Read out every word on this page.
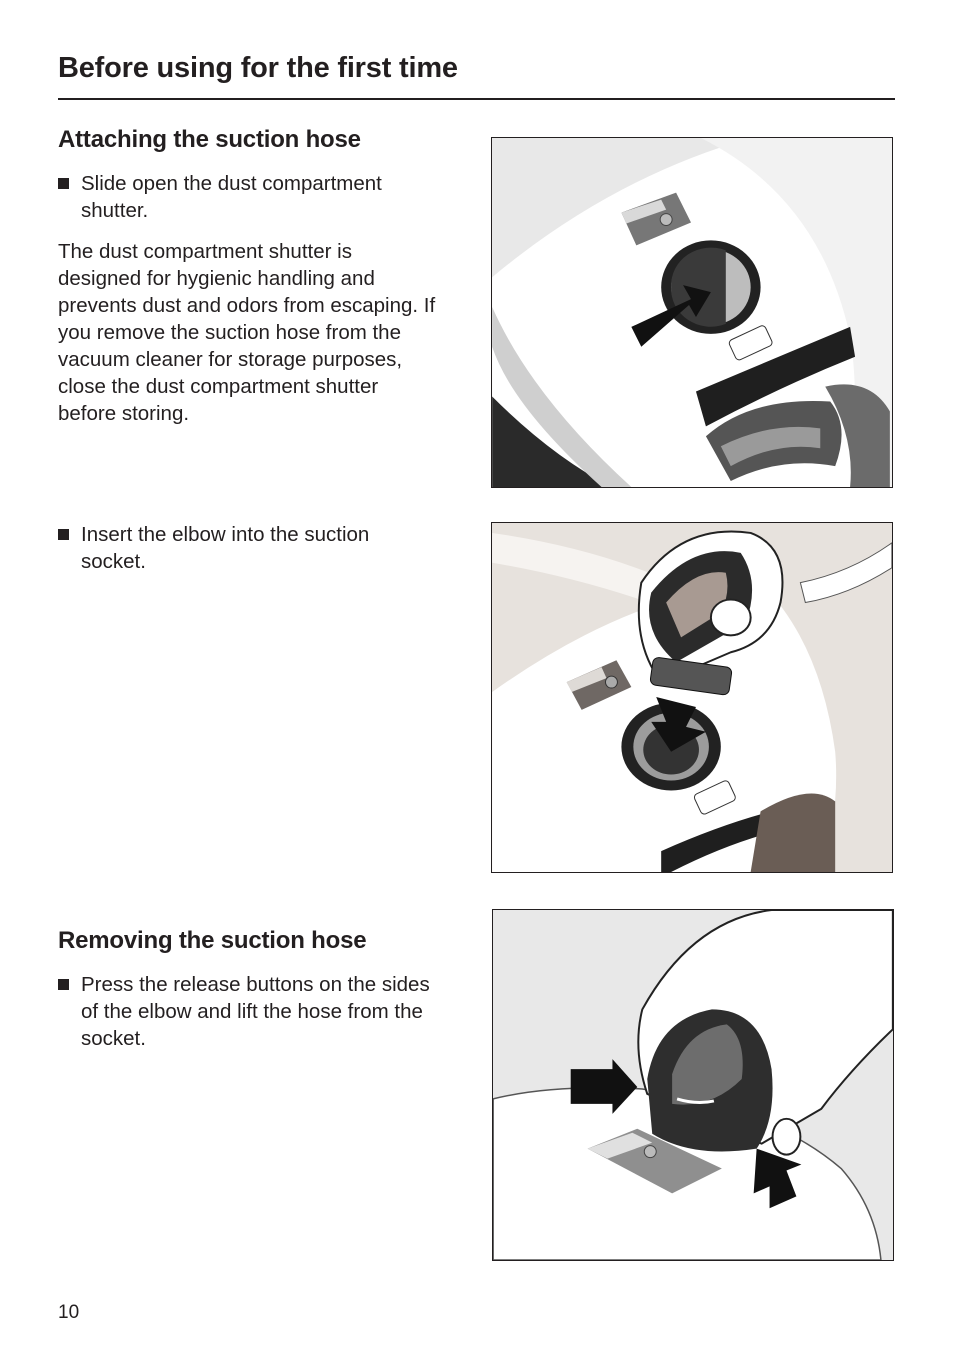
Before using for the first time
Attaching the suction hose
Slide open the dust compartment shutter.

The dust compartment shutter is designed for hygienic handling and prevents dust and odors from escaping. If you remove the suction hose from the vacuum cleaner for storage purposes, close the dust compartment shutter before storing.

Insert the elbow into the suction socket.
Removing the suction hose
Press the release buttons on the sides of the elbow and lift the hose from the socket.
10
